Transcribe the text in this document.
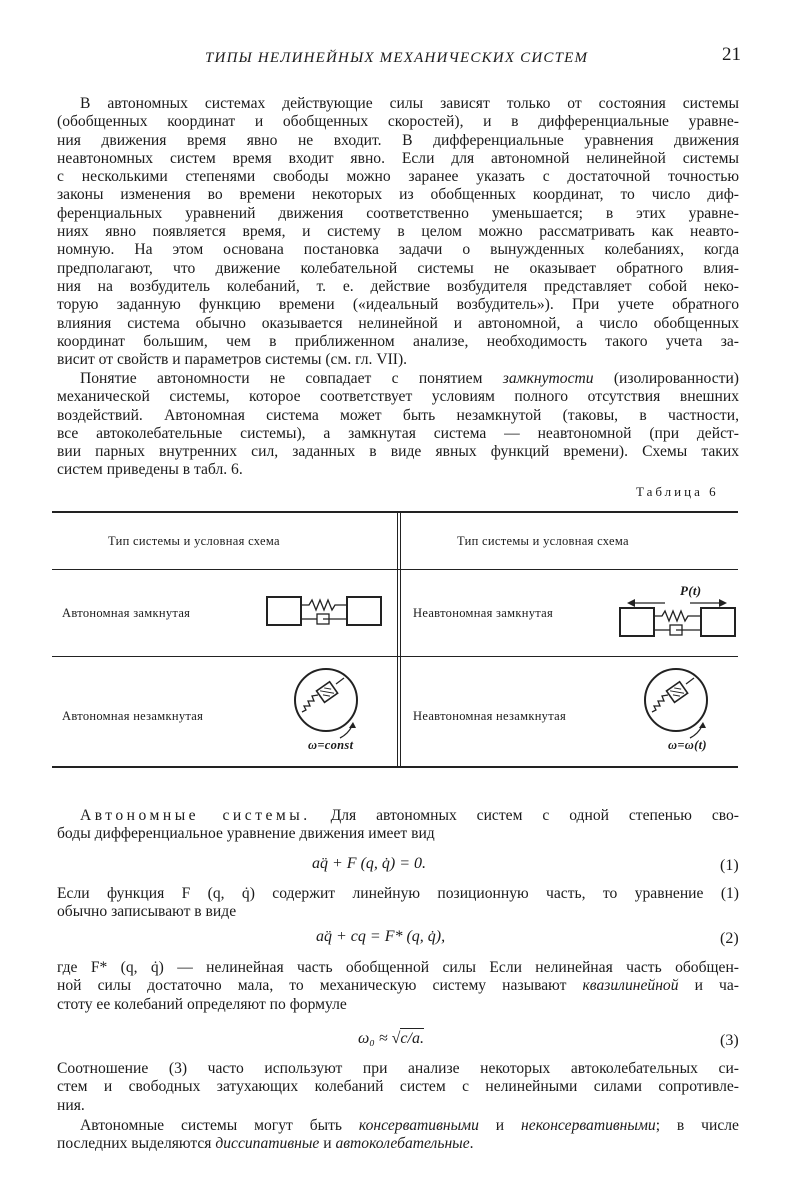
ТИПЫ НЕЛИНЕЙНЫХ МЕХАНИЧЕСКИХ СИСТЕМ	21
В автономных системах действующие силы зависят только от состояния системы
(обобщенных координат и обобщенных скоростей), и в дифференциальные уравне-
ния движения время явно не входит. В дифференциальные уравнения движения
неавтономных систем время входит явно. Если для автономной нелинейной системы
с несколькими степенями свободы можно заранее указать с достаточной точностью
законы изменения во времени некоторых из обобщенных координат, то число диф-
ференциальных уравнений движения соответственно уменьшается; в этих уравне-
ниях явно появляется время, и систему в целом можно рассматривать как неавто-
номную. На этом основана постановка задачи о вынужденных колебаниях, когда
предполагают, что движение колебательной системы не оказывает обратного влия-
ния на возбудитель колебаний, т. е. действие возбудителя представляет собой неко-
торую заданную функцию времени («идеальный возбудитель»). При учете обратного
влияния система обычно оказывается нелинейной и автономной, а число обобщенных
координат большим, чем в приближенном анализе, необходимость такого учета за-
висит от свойств и параметров системы (см. гл. VII).
Понятие автономности не совпадает с понятием замкнутости (изолированности)
механической системы, которое соответствует условиям полного отсутствия внешних
воздействий. Автономная система может быть незамкнутой (таковы, в частности,
все автоколебательные системы), а замкнутая система — неавтономной (при дейст-
вии парных внутренних сил, заданных в виде явных функций времени). Схемы таких
систем приведены в табл. 6.
Таблица 6
Тип системы и условная схема	Тип системы и условная схема
Автономная замкнутая	Неавтономная замкнутая
Автономная незамкнутая	Неавтономная незамкнутая
P(t)
ω=const	ω=ω(t)
Автономные системы. Для автономных систем с одной степенью сво-
боды дифференциальное уравнение движения имеет вид
aq̈ + F (q, q̇) = 0.	(1)
Если функция F (q, q̇) содержит линейную позиционную часть, то уравнение (1)
обычно записывают в виде
aq̈ + cq = F* (q, q̇),	(2)
где F* (q, q̇) — нелинейная часть обобщенной силы Если нелинейная часть обобщен-
ной силы достаточно мала, то механическую систему называют квазилинейной и ча-
стоту ее колебаний определяют по формуле
ω₀ ≈ √c/a.	(3)
Соотношение (3) часто используют при анализе некоторых автоколебательных си-
стем и свободных затухающих колебаний систем с нелинейными силами сопротивле-
ния.
Автономные системы могут быть консервативными и неконсервативными; в числе
последних выделяются диссипативные и автоколебательные.
